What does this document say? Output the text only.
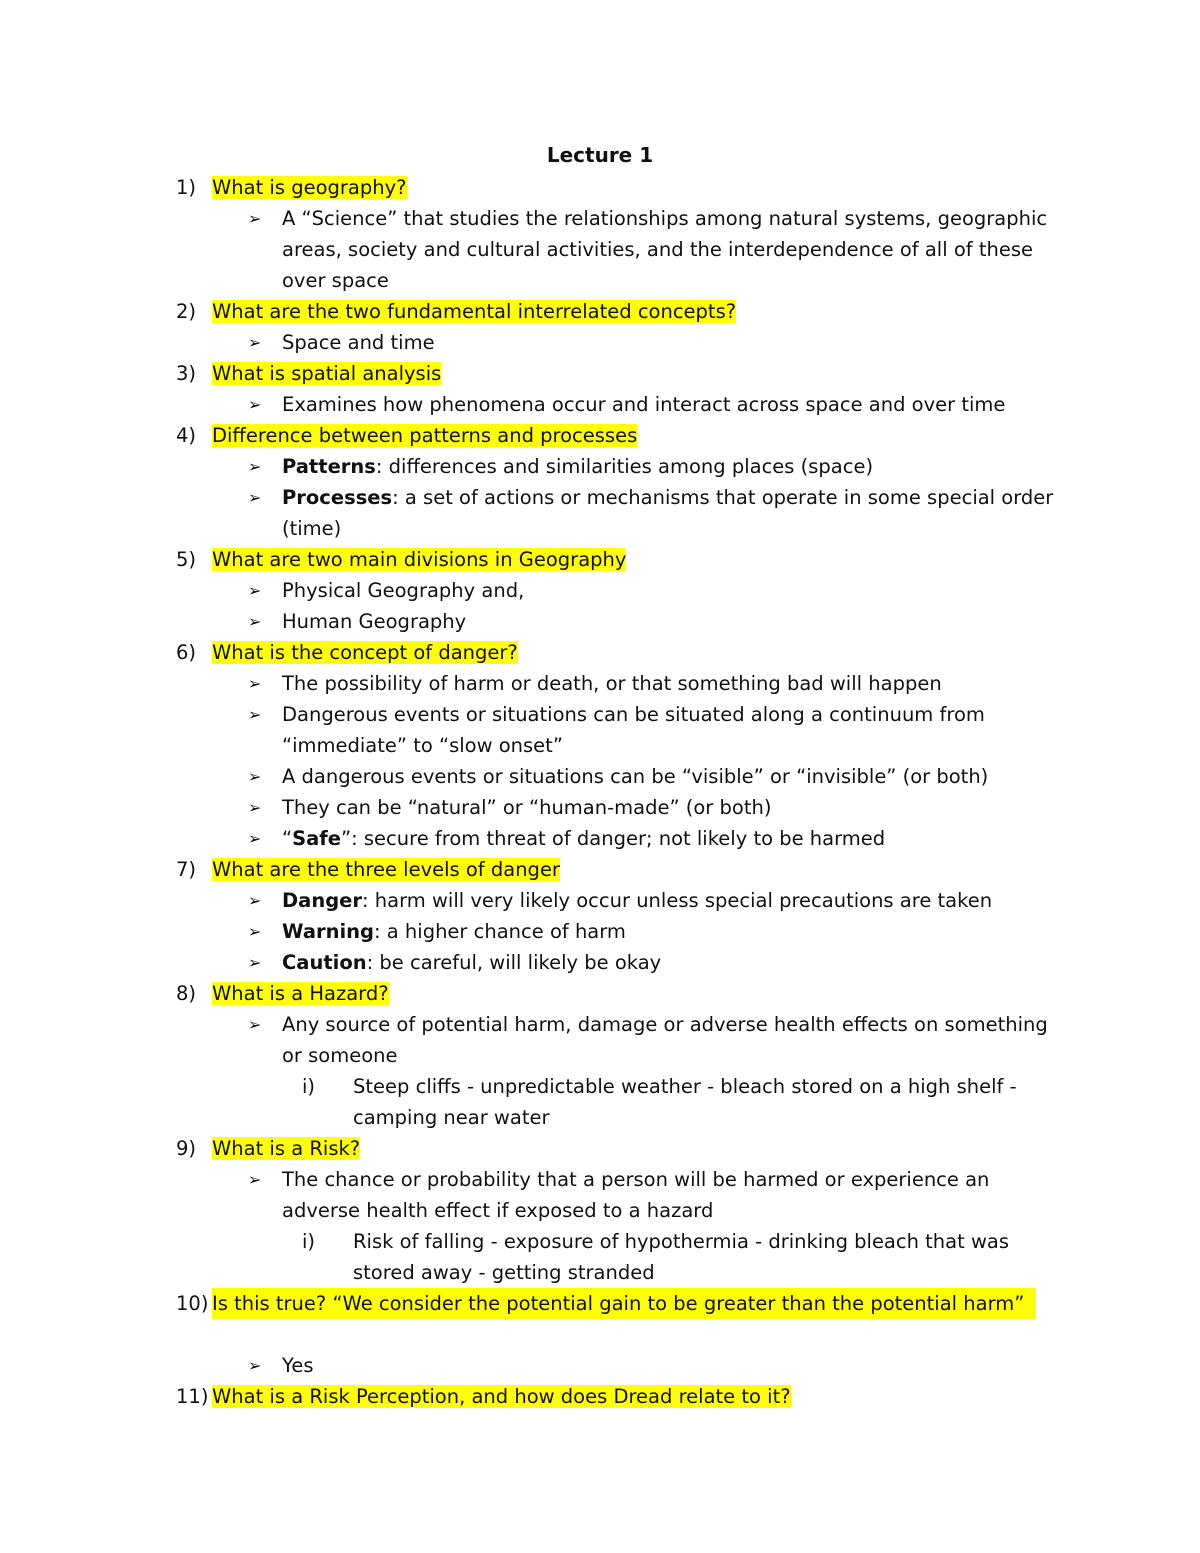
Lecture 1
1) What is geography?
➢ A “Science” that studies the relationships among natural systems, geographic areas, society and cultural activities, and the interdependence of all of these over space
2) What are the two fundamental interrelated concepts?
➢ Space and time
3) What is spatial analysis
➢ Examines how phenomena occur and interact across space and over time
4) Difference between patterns and processes
➢ Patterns: differences and similarities among places (space)
➢ Processes: a set of actions or mechanisms that operate in some special order (time)
5) What are two main divisions in Geography
➢ Physical Geography and,
➢ Human Geography
6) What is the concept of danger?
➢ The possibility of harm or death, or that something bad will happen
➢ Dangerous events or situations can be situated along a continuum from “immediate” to “slow onset”
➢ A dangerous events or situations can be “visible” or “invisible” (or both)
➢ They can be “natural” or “human-made” (or both)
➢ “Safe”: secure from threat of danger; not likely to be harmed
7) What are the three levels of danger
➢ Danger: harm will very likely occur unless special precautions are taken
➢ Warning: a higher chance of harm
➢ Caution: be careful, will likely be okay
8) What is a Hazard?
➢ Any source of potential harm, damage or adverse health effects on something or someone
i) Steep cliffs - unpredictable weather - bleach stored on a high shelf - camping near water
9) What is a Risk?
➢ The chance or probability that a person will be harmed or experience an adverse health effect if exposed to a hazard
i) Risk of falling - exposure of hypothermia - drinking bleach that was stored away - getting stranded
10) Is this true? “We consider the potential gain to be greater than the potential harm”
➢ Yes
11) What is a Risk Perception, and how does Dread relate to it?
